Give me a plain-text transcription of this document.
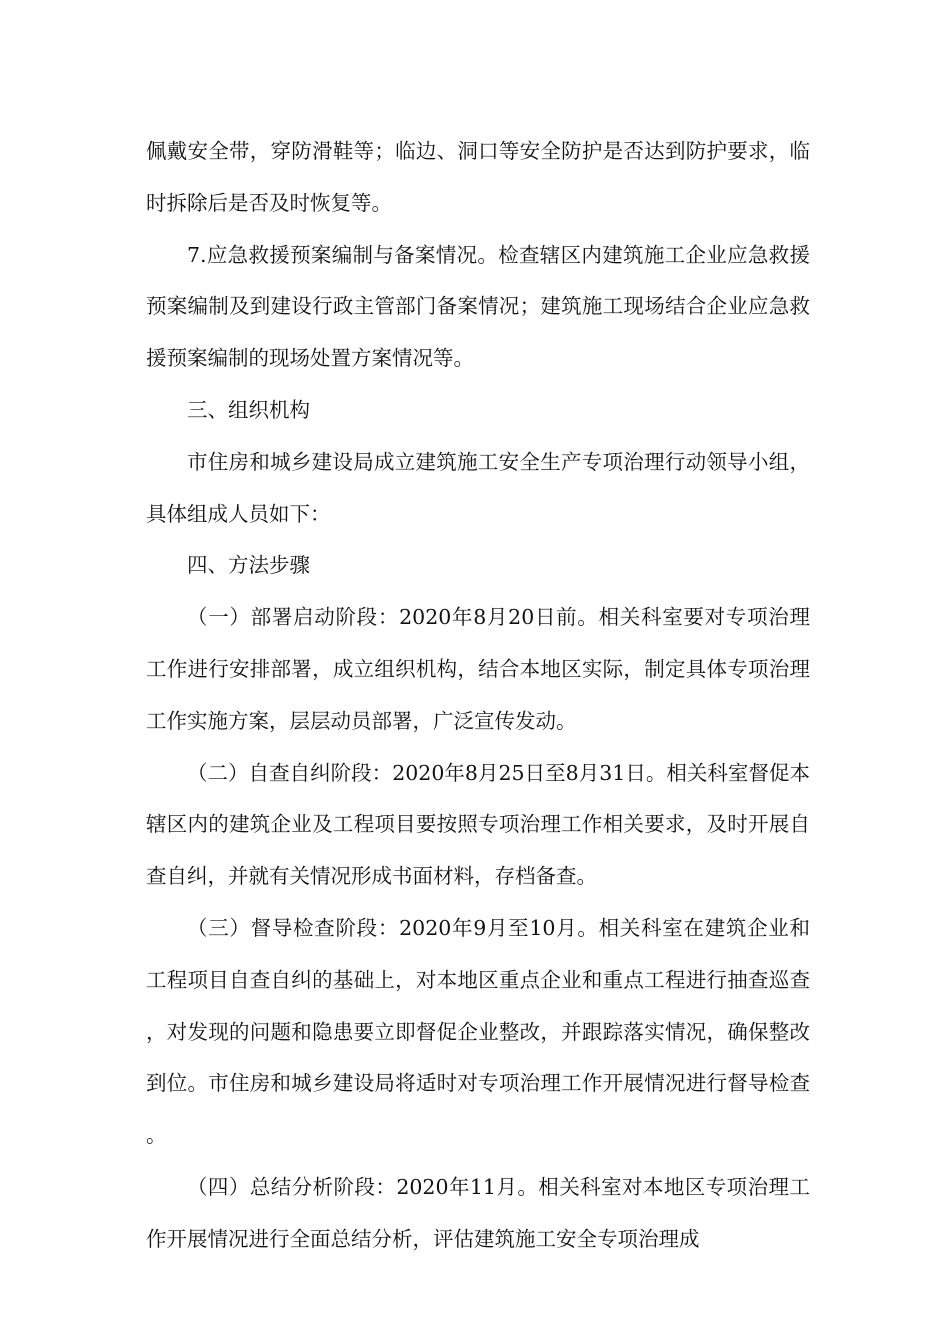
佩戴安全带，穿防滑鞋等；临边、洞口等安全防护是否达到防护要求，临时拆除后是否及时恢复等。

7.应急救援预案编制与备案情况。检查辖区内建筑施工企业应急救援预案编制及到建设行政主管部门备案情况；建筑施工现场结合企业应急救援预案编制的现场处置方案情况等。

三、组织机构

市住房和城乡建设局成立建筑施工安全生产专项治理行动领导小组，具体组成人员如下：

四、方法步骤

（一）部署启动阶段：2020年8月20日前。相关科室要对专项治理工作进行安排部署，成立组织机构，结合本地区实际，制定具体专项治理工作实施方案，层层动员部署，广泛宣传发动。

（二）自查自纠阶段：2020年8月25日至8月31日。相关科室督促本辖区内的建筑企业及工程项目要按照专项治理工作相关要求，及时开展自查自纠，并就有关情况形成书面材料，存档备查。

（三）督导检查阶段：2020年9月至10月。相关科室在建筑企业和工程项目自查自纠的基础上，对本地区重点企业和重点工程进行抽查巡查，对发现的问题和隐患要立即督促企业整改，并跟踪落实情况，确保整改到位。市住房和城乡建设局将适时对专项治理工作开展情况进行督导检查。

（四）总结分析阶段：2020年11月。相关科室对本地区专项治理工作开展情况进行全面总结分析，评估建筑施工安全专项治理成
